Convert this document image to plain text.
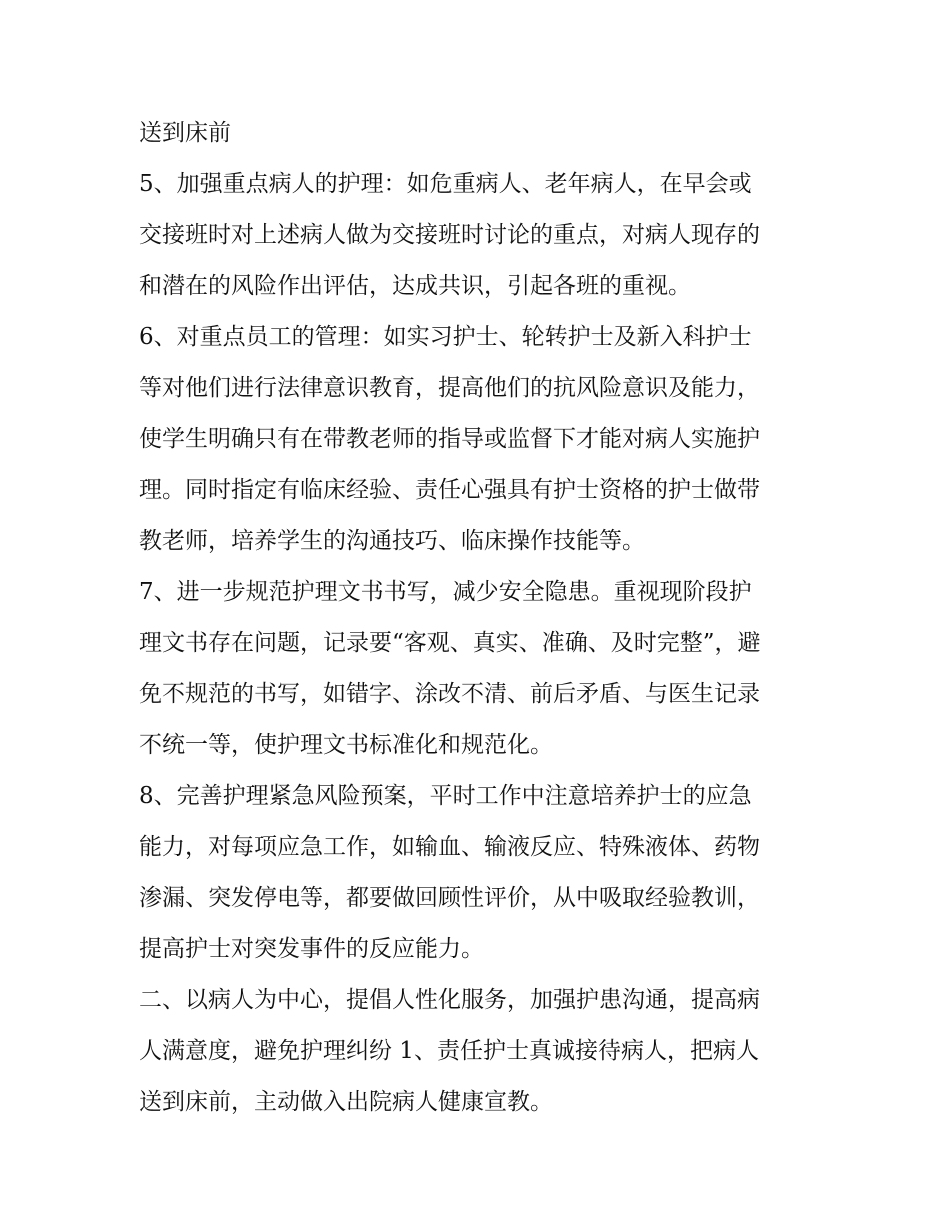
送到床前

5、加强重点病人的护理：如危重病人、老年病人，在早会或
交接班时对上述病人做为交接班时讨论的重点，对病人现存的
和潜在的风险作出评估，达成共识，引起各班的重视。

6、对重点员工的管理：如实习护士、轮转护士及新入科护士
等对他们进行法律意识教育，提高他们的抗风险意识及能力，
使学生明确只有在带教老师的指导或监督下才能对病人实施护
理。同时指定有临床经验、责任心强具有护士资格的护士做带
教老师，培养学生的沟通技巧、临床操作技能等。

7、进一步规范护理文书书写，减少安全隐患。重视现阶段护
理文书存在问题，记录要“客观、真实、准确、及时完整”，避
免不规范的书写，如错字、涂改不清、前后矛盾、与医生记录
不统一等，使护理文书标准化和规范化。

8、完善护理紧急风险预案，平时工作中注意培养护士的应急
能力，对每项应急工作，如输血、输液反应、特殊液体、药物
渗漏、突发停电等，都要做回顾性评价，从中吸取经验教训，
提高护士对突发事件的反应能力。

二、以病人为中心，提倡人性化服务，加强护患沟通，提高病
人满意度，避免护理纠纷 1、责任护士真诚接待病人，把病人
送到床前，主动做入出院病人健康宣教。
